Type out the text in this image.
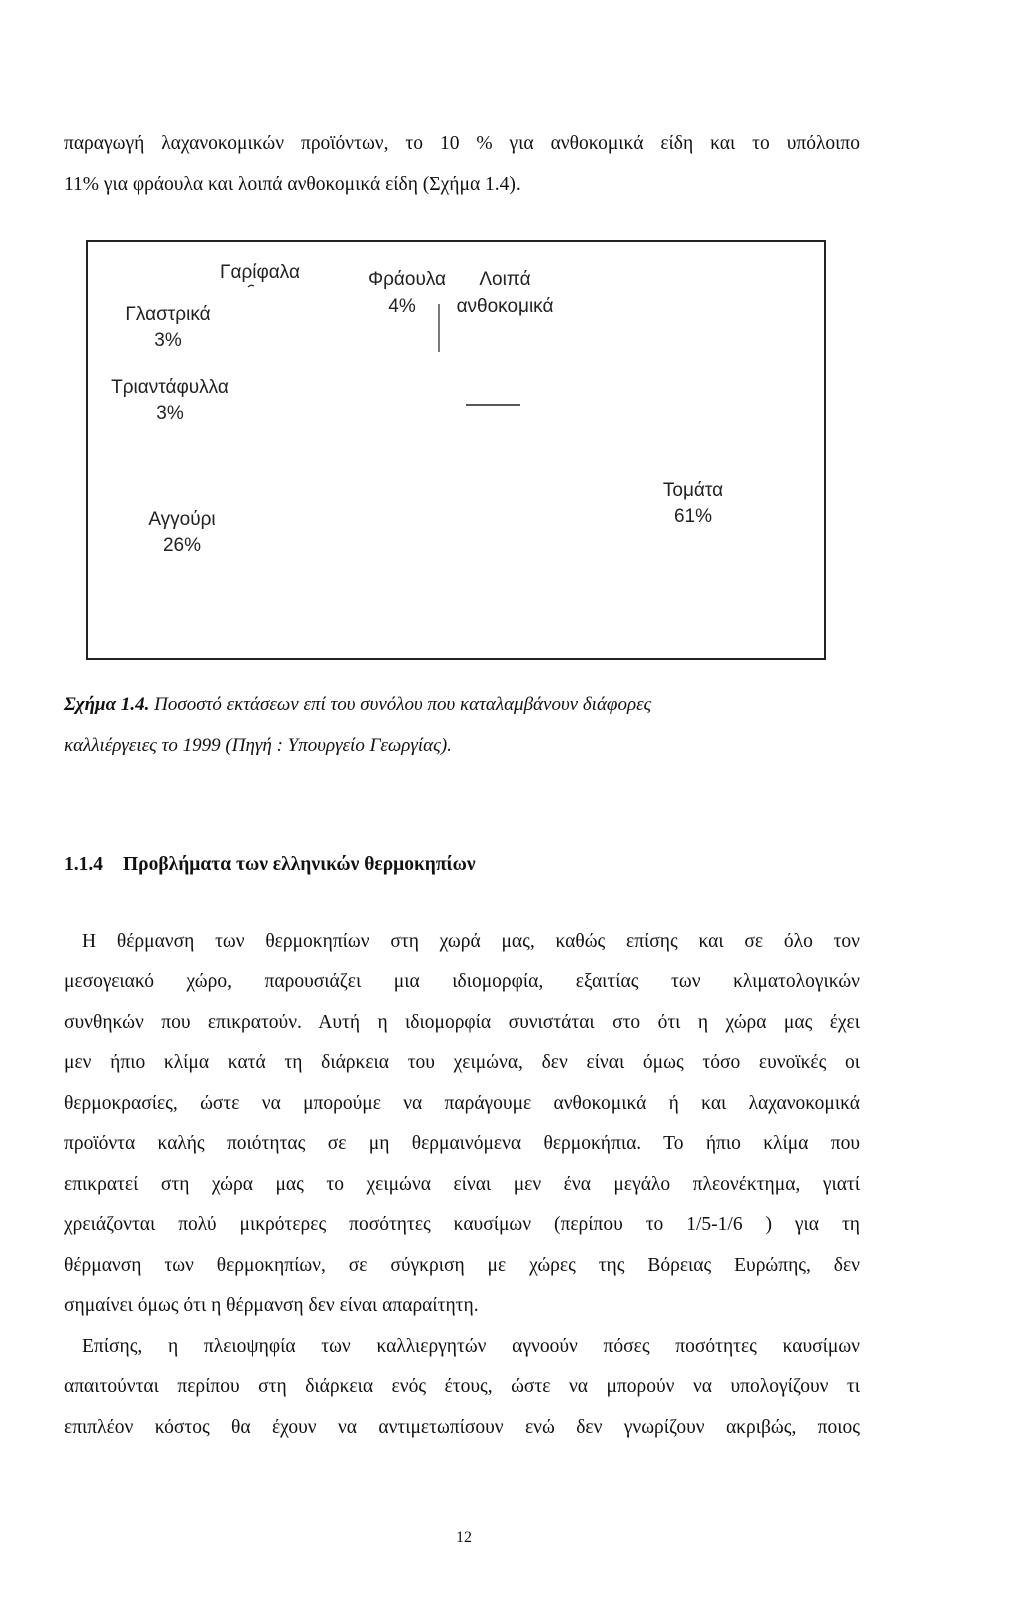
παραγωγή λαχανοκομικών προϊόντων, το 10 % για ανθοκομικά είδη και το υπόλοιπο
11% για φράουλα και λοιπά ανθοκομικά είδη (Σχήμα 1.4).
Γαρίφαλα
Γλαστρικά
3%
Φράουλα
4%
Λοιπά
ανθοκομικά
Τριαντάφυλλα
3%
Αγγούρι
26%
Τομάτα
61%
Σχήμα 1.4. Ποσοστό εκτάσεων επί του συνόλου που καταλαμβάνουν διάφορες
καλλιέργειες το 1999 (Πηγή : Υπουργείο Γεωργίας).
1.1.4 Προβλήματα των ελληνικών θερμοκηπίων
Η θέρμανση των θερμοκηπίων στη χωρά μας, καθώς επίσης και σε όλο τον
μεσογειακό χώρο, παρουσιάζει μια ιδιομορφία, εξαιτίας των κλιματολογικών
συνθηκών που επικρατούν. Αυτή η ιδιομορφία συνιστάται στο ότι η χώρα μας έχει
μεν ήπιο κλίμα κατά τη διάρκεια του χειμώνα, δεν είναι όμως τόσο ευνοϊκές οι
θερμοκρασίες, ώστε να μπορούμε να παράγουμε ανθοκομικά ή και λαχανοκομικά
προϊόντα καλής ποιότητας σε μη θερμαινόμενα θερμοκήπια. Το ήπιο κλίμα που
επικρατεί στη χώρα μας το χειμώνα είναι μεν ένα μεγάλο πλεονέκτημα, γιατί
χρειάζονται πολύ μικρότερες ποσότητες καυσίμων (περίπου το 1/5-1/6 ) για τη
θέρμανση των θερμοκηπίων, σε σύγκριση με χώρες της Βόρειας Ευρώπης, δεν
σημαίνει όμως ότι η θέρμανση δεν είναι απαραίτητη.
Επίσης, η πλειοψηφία των καλλιεργητών αγνοούν πόσες ποσότητες καυσίμων
απαιτούνται περίπου στη διάρκεια ενός έτους, ώστε να μπορούν να υπολογίζουν τι
επιπλέον κόστος θα έχουν να αντιμετωπίσουν ενώ δεν γνωρίζουν ακριβώς, ποιος
12
